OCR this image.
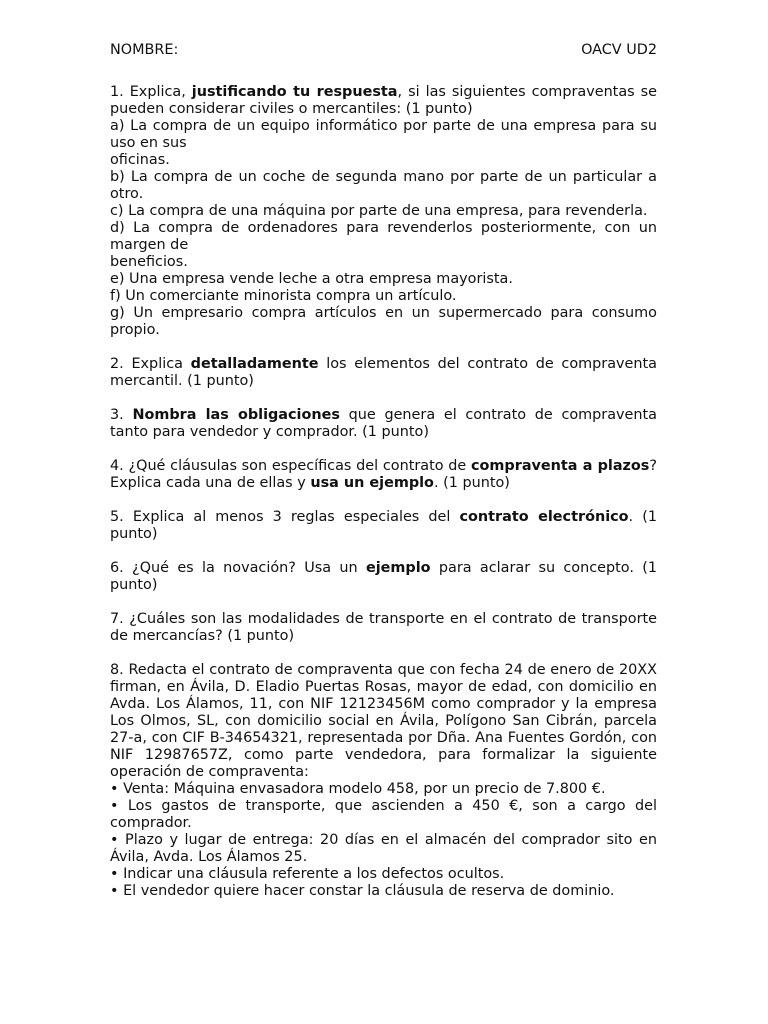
NOMBRE:	OACV UD2

1. Explica, justificando tu respuesta, si las siguientes compraventas se pueden considerar civiles o mercantiles: (1 punto)

a) La compra de un equipo informático por parte de una empresa para su uso en sus

oficinas.

b) La compra de un coche de segunda mano por parte de un particular a otro.

c) La compra de una máquina por parte de una empresa, para revenderla.

d) La compra de ordenadores para revenderlos posteriormente, con un margen de

beneficios.

e) Una empresa vende leche a otra empresa mayorista.

f) Un comerciante minorista compra un artículo.

g) Un empresario compra artículos en un supermercado para consumo propio.

2. Explica detalladamente los elementos del contrato de compraventa mercantil. (1 punto)

3. Nombra las obligaciones que genera el contrato de compraventa tanto para vendedor y comprador. (1 punto)

4. ¿Qué cláusulas son específicas del contrato de compraventa a plazos? Explica cada una de ellas y usa un ejemplo. (1 punto)

5. Explica al menos 3 reglas especiales del contrato electrónico. (1 punto)

6. ¿Qué es la novación? Usa un ejemplo para aclarar su concepto. (1 punto)

7. ¿Cuáles son las modalidades de transporte en el contrato de transporte de mercancías? (1 punto)

8. Redacta el contrato de compraventa que con fecha 24 de enero de 20XX firman, en Ávila, D. Eladio Puertas Rosas, mayor de edad, con domicilio en Avda. Los Álamos, 11, con NIF 12123456M como comprador y la empresa Los Olmos, SL, con domicilio social en Ávila, Polígono San Cibrán, parcela 27-a, con CIF B-34654321, representada por Dña. Ana Fuentes Gordón, con NIF 12987657Z, como parte vendedora, para formalizar la siguiente operación de compraventa:

• Venta: Máquina envasadora modelo 458, por un precio de 7.800 €.

• Los gastos de transporte, que ascienden a 450 €, son a cargo del comprador.

• Plazo y lugar de entrega: 20 días en el almacén del comprador sito en Ávila, Avda. Los Álamos 25.

• Indicar una cláusula referente a los defectos ocultos.

• El vendedor quiere hacer constar la cláusula de reserva de dominio.
